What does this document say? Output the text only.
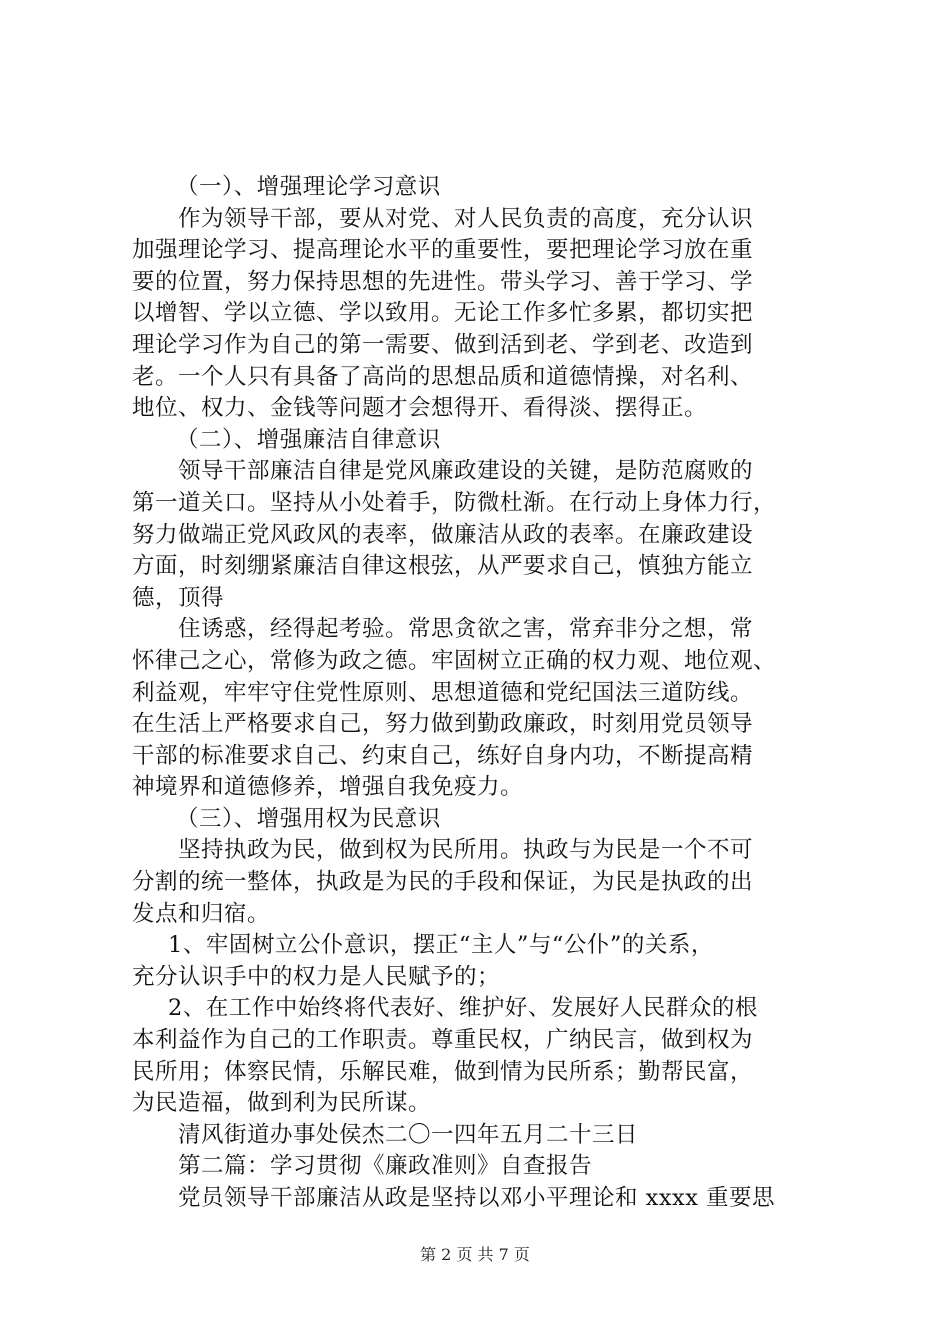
（一）、增强理论学习意识

作为领导干部，要从对党、对人民负责的高度，充分认识

加强理论学习、提高理论水平的重要性，要把理论学习放在重

要的位置，努力保持思想的先进性。带头学习、善于学习、学

以增智、学以立德、学以致用。无论工作多忙多累，都切实把

理论学习作为自己的第一需要、做到活到老、学到老、改造到

老。一个人只有具备了高尚的思想品质和道德情操，对名利、

地位、权力、金钱等问题才会想得开、看得淡、摆得正。

（二）、增强廉洁自律意识

领导干部廉洁自律是党风廉政建设的关键，是防范腐败的

第一道关口。坚持从小处着手，防微杜渐。在行动上身体力行，

努力做端正党风政风的表率，做廉洁从政的表率。在廉政建设

方面，时刻绷紧廉洁自律这根弦，从严要求自己，慎独方能立

德，顶得

住诱惑，经得起考验。常思贪欲之害，常弃非分之想，常

怀律己之心，常修为政之德。牢固树立正确的权力观、地位观、

利益观，牢牢守住党性原则、思想道德和党纪国法三道防线。

在生活上严格要求自己，努力做到勤政廉政，时刻用党员领导

干部的标准要求自己、约束自己，练好自身内功，不断提高精

神境界和道德修养，增强自我免疫力。

（三）、增强用权为民意识

坚持执政为民，做到权为民所用。执政与为民是一个不可

分割的统一整体，执政是为民的手段和保证，为民是执政的出

发点和归宿。

1、牢固树立公仆意识，摆正“主人”与“公仆”的关系，

充分认识手中的权力是人民赋予的；

2、在工作中始终将代表好、维护好、发展好人民群众的根

本利益作为自己的工作职责。尊重民权，广纳民言，做到权为

民所用；体察民情，乐解民难，做到情为民所系；勤帮民富，

为民造福，做到利为民所谋。

清风街道办事处侯杰二〇一四年五月二十三日

第二篇：学习贯彻《廉政准则》自查报告

党员领导干部廉洁从政是坚持以邓小平理论和 xxxx 重要思

第 2 页 共 7 页
